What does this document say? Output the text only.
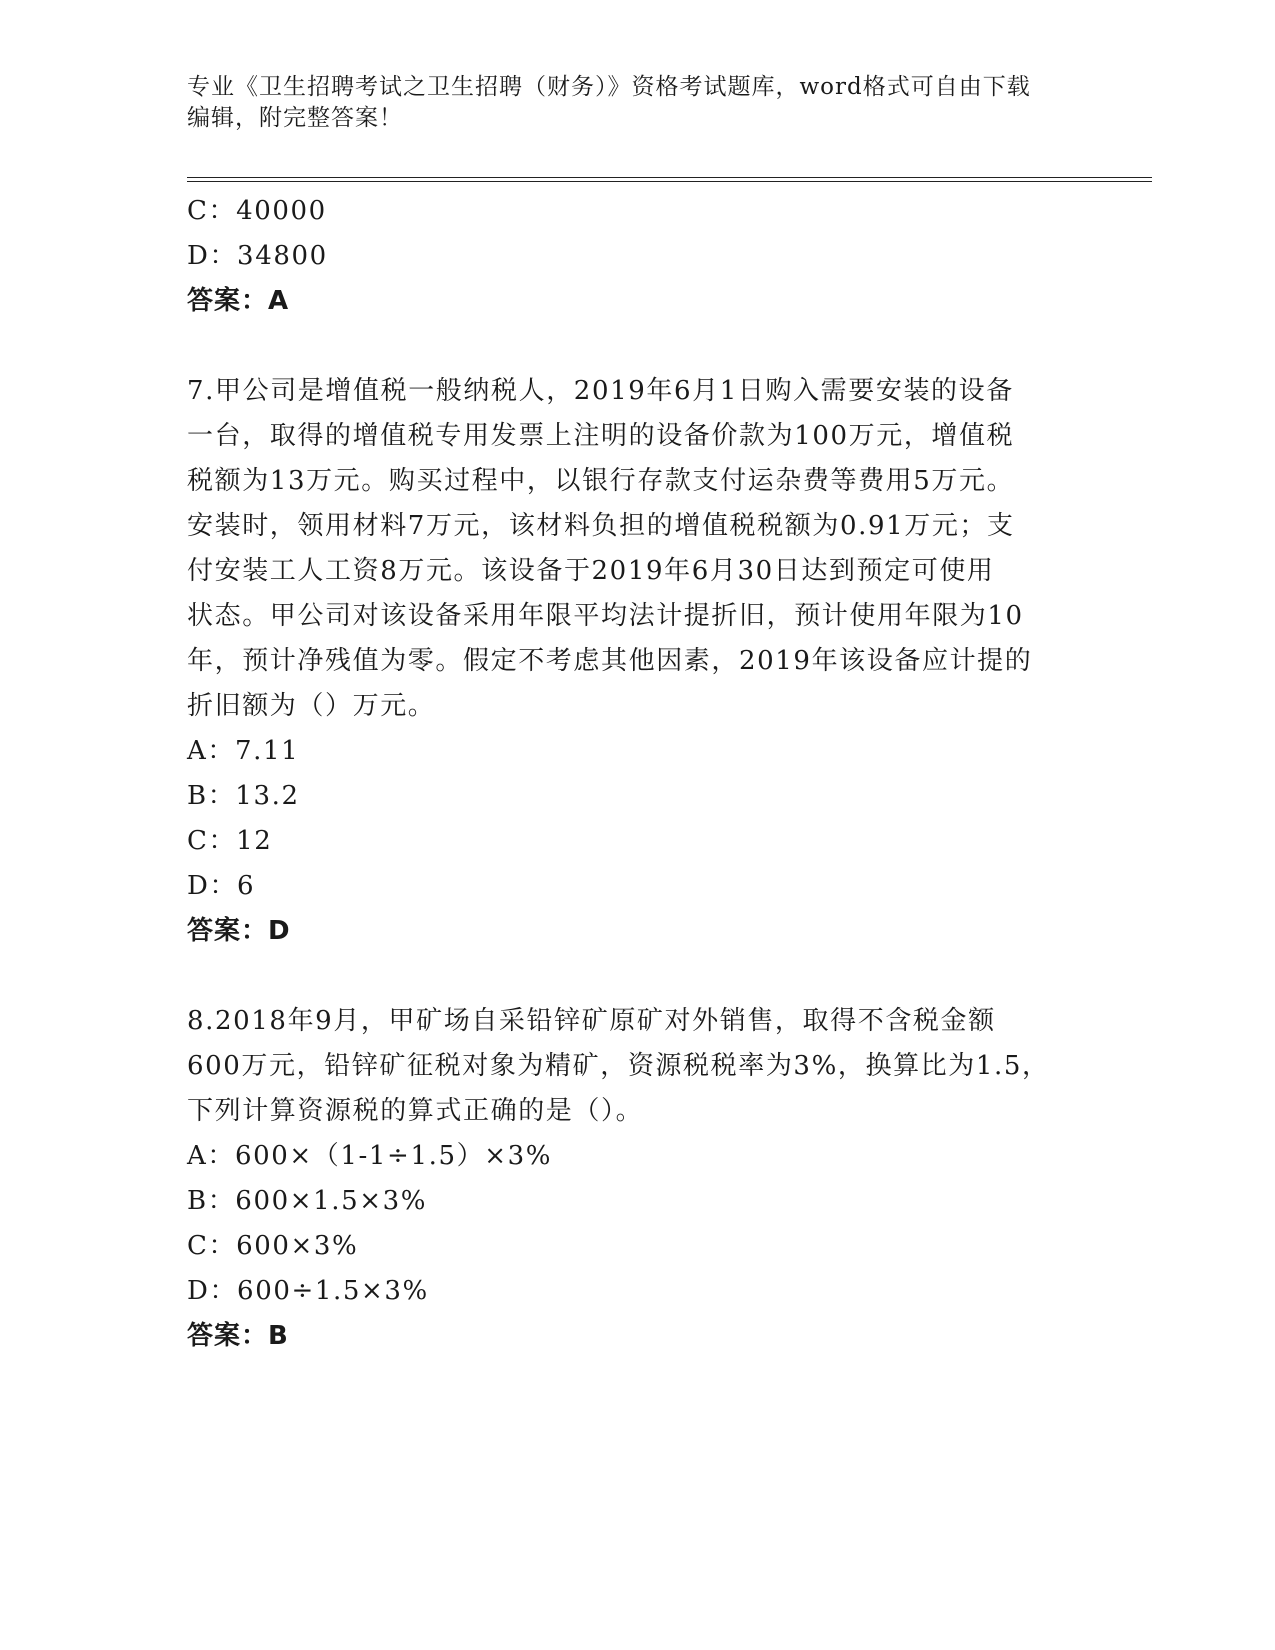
专业《卫生招聘考试之卫生招聘（财务）》资格考试题库，word格式可自由下载
编辑，附完整答案！
C：40000
D：34800
答案：A
7.甲公司是增值税一般纳税人，2019年6月1日购入需要安装的设备
一台，取得的增值税专用发票上注明的设备价款为100万元，增值税
税额为13万元。购买过程中，以银行存款支付运杂费等费用5万元。
安装时，领用材料7万元，该材料负担的增值税税额为0.91万元；支
付安装工人工资8万元。该设备于2019年6月30日达到预定可使用
状态。甲公司对该设备采用年限平均法计提折旧，预计使用年限为10
年，预计净残值为零。假定不考虑其他因素，2019年该设备应计提的
折旧额为（）万元。
A：7.11
B：13.2
C：12
D：6
答案：D
8.2018年9月，甲矿场自采铅锌矿原矿对外销售，取得不含税金额
600万元，铅锌矿征税对象为精矿，资源税税率为3%，换算比为1.5，
下列计算资源税的算式正确的是（）。
A：600×（1-1÷1.5）×3%
B：600×1.5×3%
C：600×3%
D：600÷1.5×3%
答案：B
